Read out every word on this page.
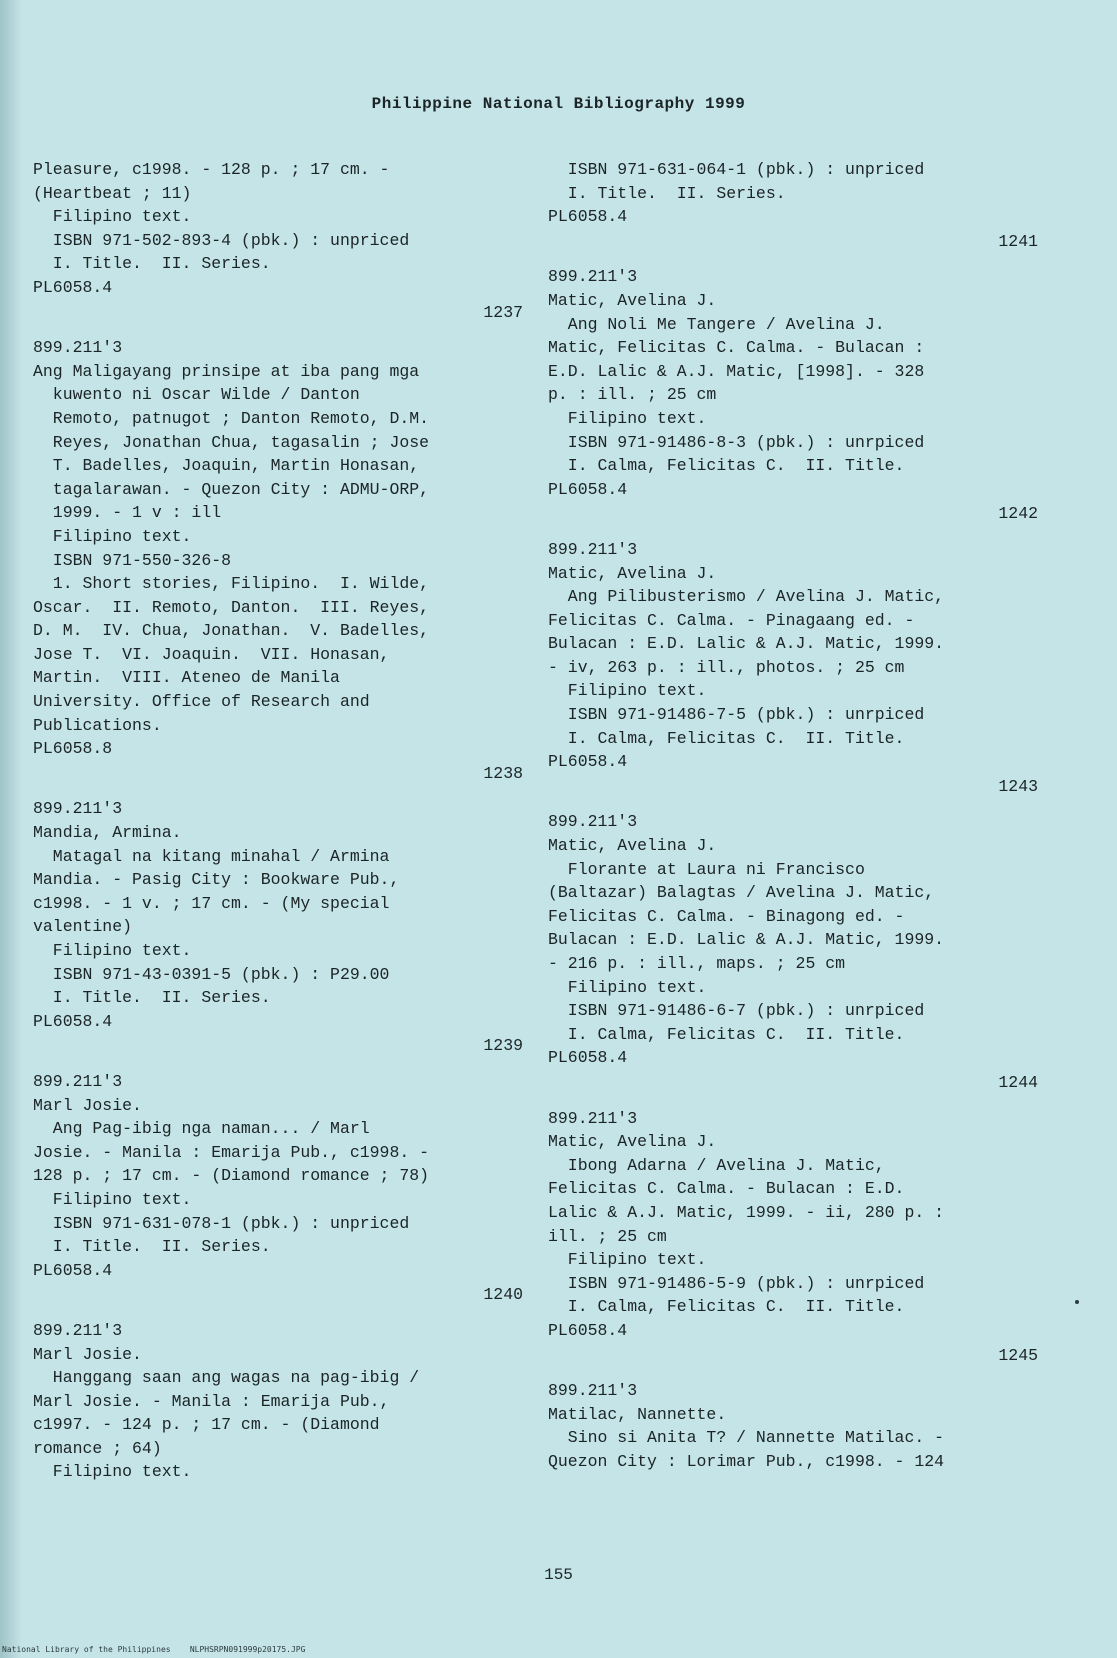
Philippine National Bibliography 1999
Pleasure, c1998. - 128 p. ; 17 cm. -
(Heartbeat ; 11)
Filipino text.
ISBN 971-502-893-4 (pbk.) : unpriced
I. Title.  II. Series.
PL6058.4
1237
899.211'3
Ang Maligayang prinsipe at iba pang mga
kuwento ni Oscar Wilde / Danton
Remoto, patnugot ; Danton Remoto, D.M.
Reyes, Jonathan Chua, tagasalin ; Jose
T. Badelles, Joaquin, Martin Honasan,
tagalarawan. - Quezon City : ADMU-ORP,
1999. - 1 v : ill
Filipino text.
ISBN 971-550-326-8
1. Short stories, Filipino.  I. Wilde,
Oscar.  II. Remoto, Danton.  III. Reyes,
D. M.  IV. Chua, Jonathan.  V. Badelles,
Jose T.  VI. Joaquin.  VII. Honasan,
Martin.  VIII. Ateneo de Manila
University. Office of Research and
Publications.
PL6058.8
1238
899.211'3
Mandia, Armina.
Matagal na kitang minahal / Armina
Mandia. - Pasig City : Bookware Pub.,
c1998. - 1 v. ; 17 cm. - (My special
valentine)
Filipino text.
ISBN 971-43-0391-5 (pbk.) : P29.00
I. Title.  II. Series.
PL6058.4
1239
899.211'3
Marl Josie.
Ang Pag-ibig nga naman... / Marl
Josie. - Manila : Emarija Pub., c1998. -
128 p. ; 17 cm. - (Diamond romance ; 78)
Filipino text.
ISBN 971-631-078-1 (pbk.) : unpriced
I. Title.  II. Series.
PL6058.4
1240
899.211'3
Marl Josie.
Hanggang saan ang wagas na pag-ibig /
Marl Josie. - Manila : Emarija Pub.,
c1997. - 124 p. ; 17 cm. - (Diamond
romance ; 64)
Filipino text.
ISBN 971-631-064-1 (pbk.) : unpriced
I. Title.  II. Series.
PL6058.4
1241
899.211'3
Matic, Avelina J.
Ang Noli Me Tangere / Avelina J.
Matic, Felicitas C. Calma. - Bulacan :
E.D. Lalic & A.J. Matic, [1998]. - 328
p. : ill. ; 25 cm
Filipino text.
ISBN 971-91486-8-3 (pbk.) : unrpiced
I. Calma, Felicitas C.  II. Title.
PL6058.4
1242
899.211'3
Matic, Avelina J.
Ang Pilibusterismo / Avelina J. Matic,
Felicitas C. Calma. - Pinagaang ed. -
Bulacan : E.D. Lalic & A.J. Matic, 1999.
- iv, 263 p. : ill., photos. ; 25 cm
Filipino text.
ISBN 971-91486-7-5 (pbk.) : unrpiced
I. Calma, Felicitas C.  II. Title.
PL6058.4
1243
899.211'3
Matic, Avelina J.
Florante at Laura ni Francisco
(Baltazar) Balagtas / Avelina J. Matic,
Felicitas C. Calma. - Binagong ed. -
Bulacan : E.D. Lalic & A.J. Matic, 1999.
- 216 p. : ill., maps. ; 25 cm
Filipino text.
ISBN 971-91486-6-7 (pbk.) : unrpiced
I. Calma, Felicitas C.  II. Title.
PL6058.4
1244
899.211'3
Matic, Avelina J.
Ibong Adarna / Avelina J. Matic,
Felicitas C. Calma. - Bulacan : E.D.
Lalic & A.J. Matic, 1999. - ii, 280 p. :
ill. ; 25 cm
Filipino text.
ISBN 971-91486-5-9 (pbk.) : unrpiced
I. Calma, Felicitas C.  II. Title.
PL6058.4
1245
899.211'3
Matilac, Nannette.
Sino si Anita T? / Nannette Matilac. -
Quezon City : Lorimar Pub., c1998. - 124
155
National Library of the Philippines    NLPHSRPN091999p20175.JPG
